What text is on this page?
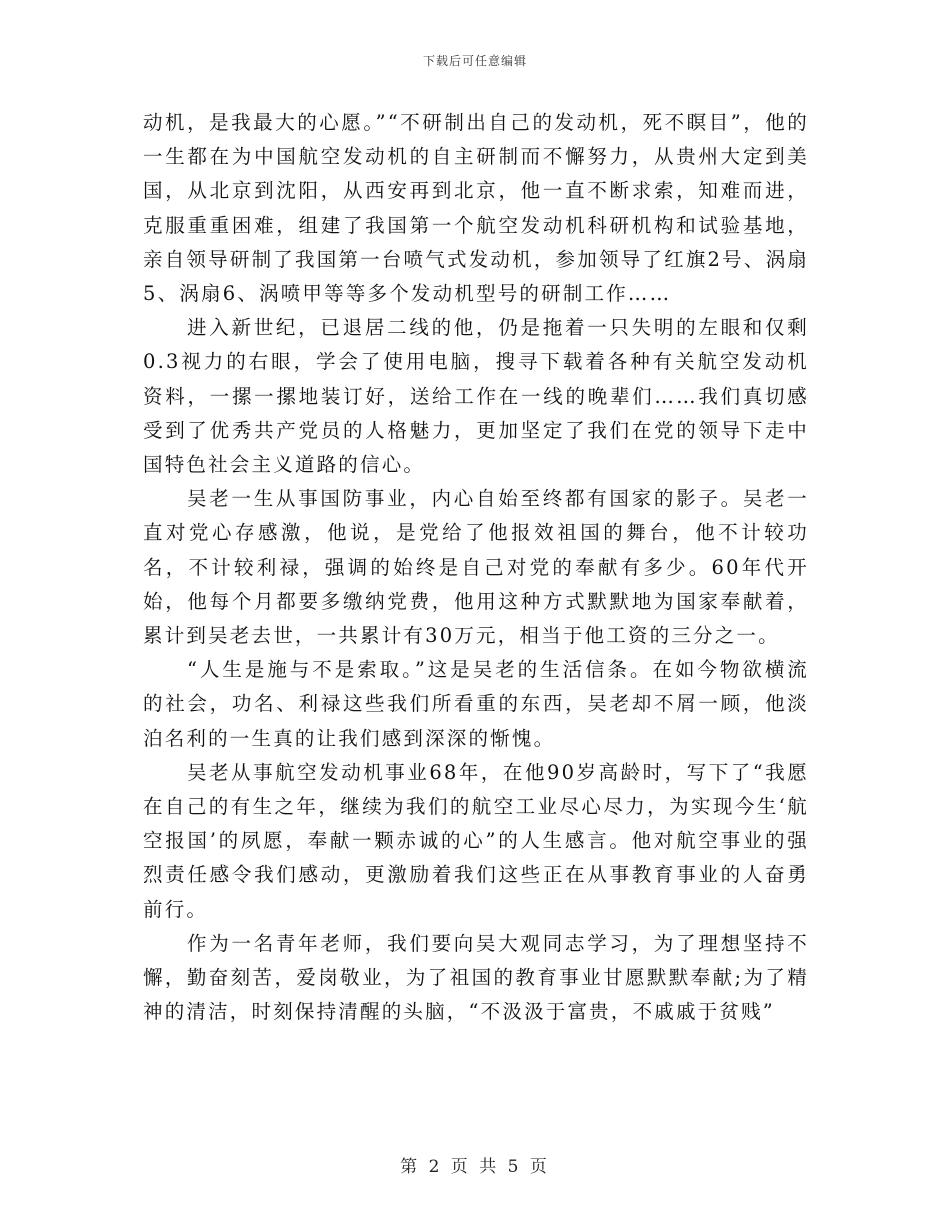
下载后可任意编辑

动机，是我最大的心愿。”“不研制出自己的发动机，死不瞑目”，他的一生都在为中国航空发动机的自主研制而不懈努力，从贵州大定到美国，从北京到沈阳，从西安再到北京，他一直不断求索，知难而进，克服重重困难，组建了我国第一个航空发动机科研机构和试验基地，亲自领导研制了我国第一台喷气式发动机，参加领导了红旗2号、涡扇5、涡扇6、涡喷甲等等多个发动机型号的研制工作……

进入新世纪，已退居二线的他，仍是拖着一只失明的左眼和仅剩0.3视力的右眼，学会了使用电脑，搜寻下载着各种有关航空发动机资料，一摞一摞地装订好，送给工作在一线的晚辈们……我们真切感受到了优秀共产党员的人格魅力，更加坚定了我们在党的领导下走中国特色社会主义道路的信心。

吴老一生从事国防事业，内心自始至终都有国家的影子。吴老一直对党心存感激，他说，是党给了他报效祖国的舞台，他不计较功名，不计较利禄，强调的始终是自己对党的奉献有多少。60年代开始，他每个月都要多缴纳党费，他用这种方式默默地为国家奉献着，累计到吴老去世，一共累计有30万元，相当于他工资的三分之一。

“人生是施与不是索取。”这是吴老的生活信条。在如今物欲横流的社会，功名、利禄这些我们所看重的东西，吴老却不屑一顾，他淡泊名利的一生真的让我们感到深深的惭愧。

吴老从事航空发动机事业68年，在他90岁高龄时，写下了“我愿在自己的有生之年，继续为我们的航空工业尽心尽力，为实现今生‘航空报国’的夙愿，奉献一颗赤诚的心”的人生感言。他对航空事业的强烈责任感令我们感动，更激励着我们这些正在从事教育事业的人奋勇前行。

作为一名青年老师，我们要向吴大观同志学习，为了理想坚持不懈，勤奋刻苦，爱岗敬业，为了祖国的教育事业甘愿默默奉献;为了精神的清洁，时刻保持清醒的头脑，“不汲汲于富贵，不戚戚于贫贱”

第 2 页 共 5 页
